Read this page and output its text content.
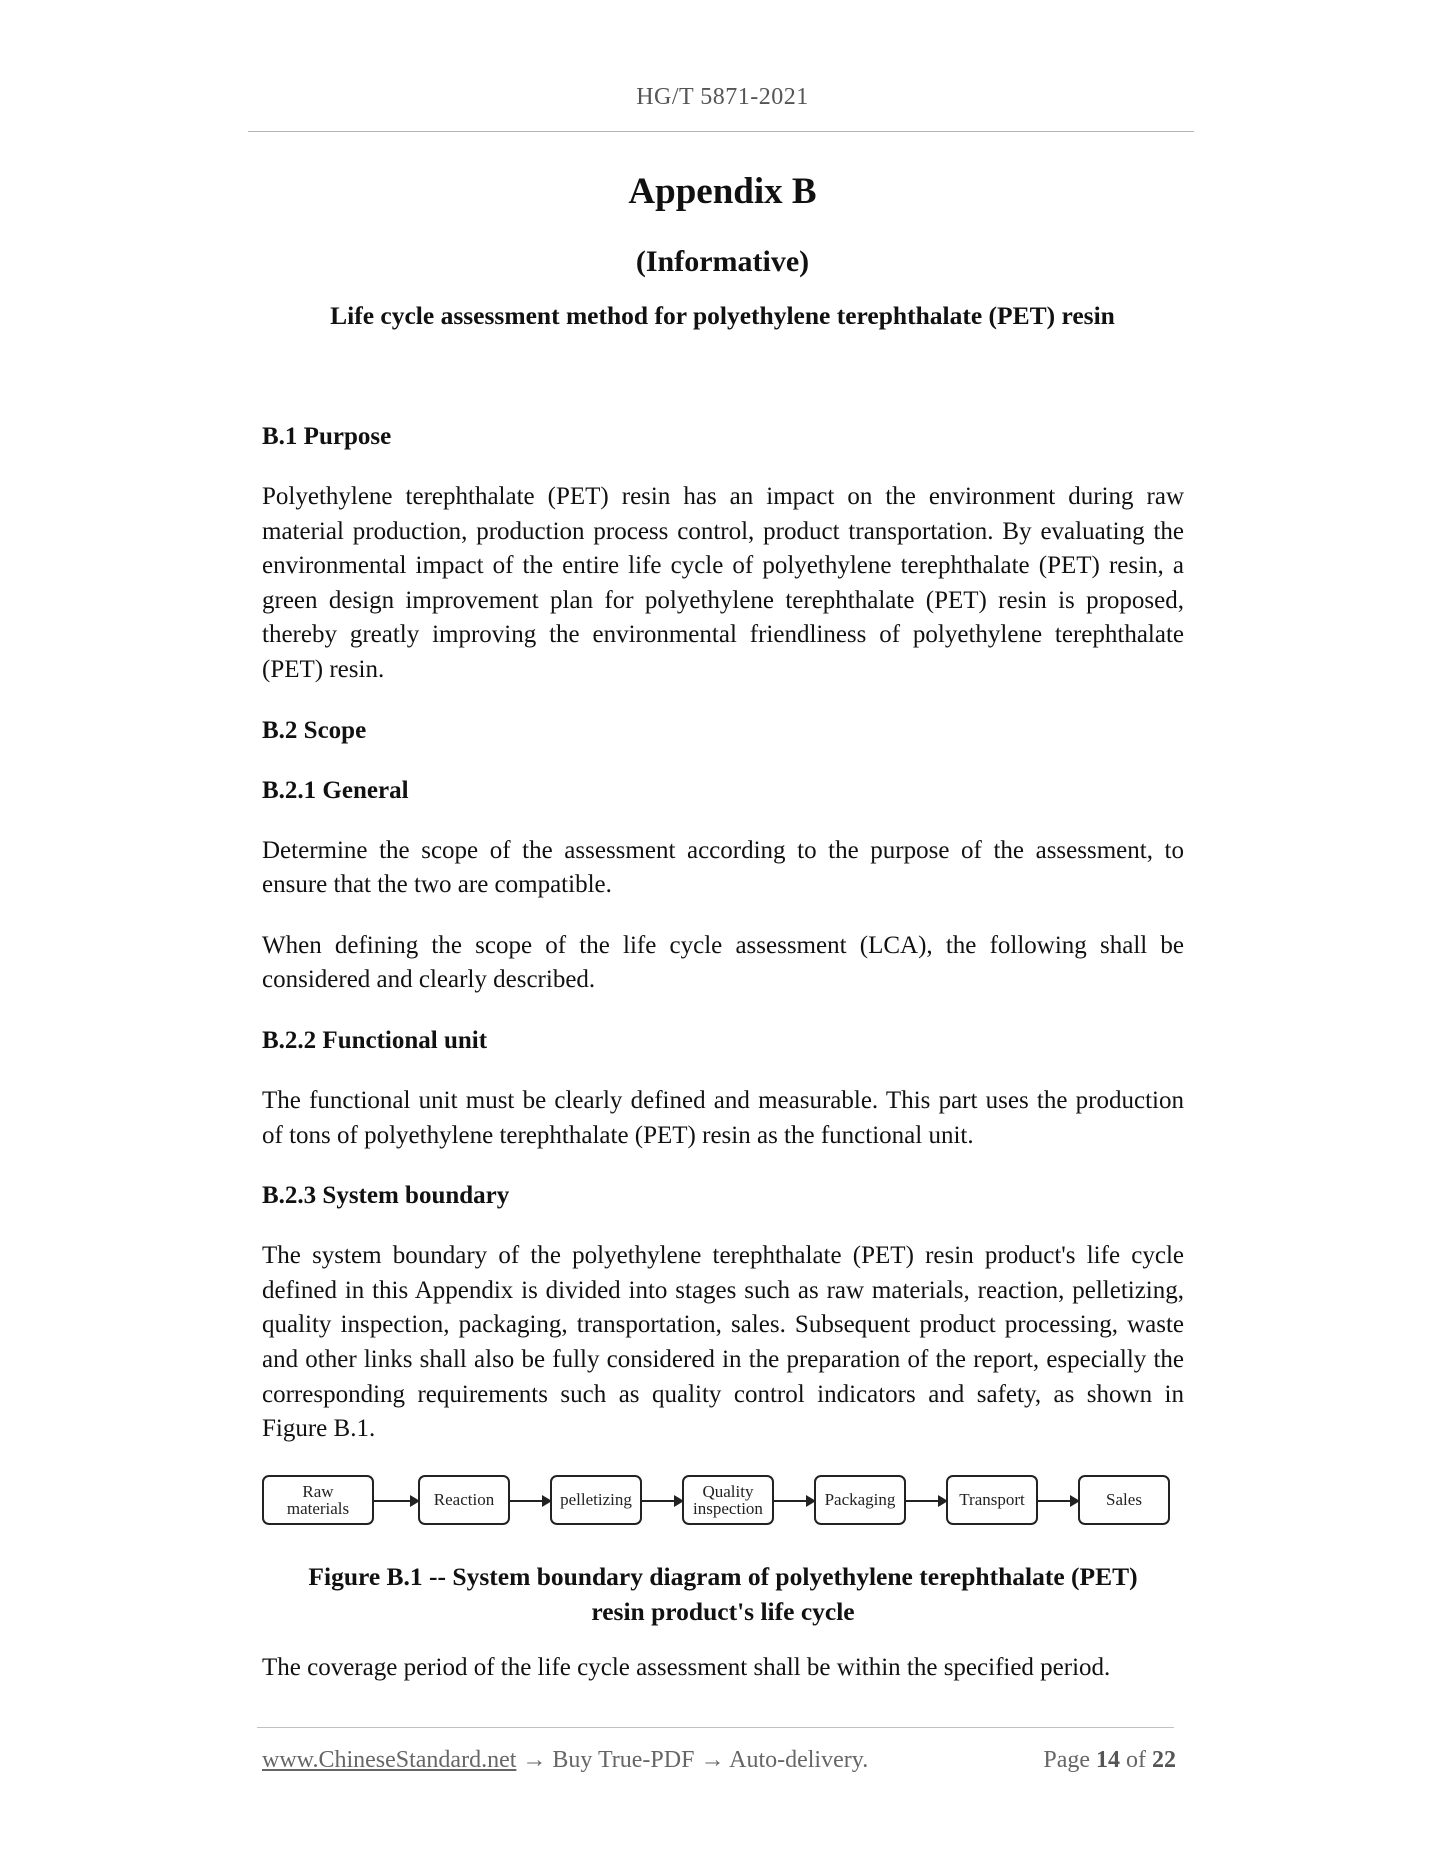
HG/T 5871-2021
Appendix B
(Informative)
Life cycle assessment method for polyethylene terephthalate (PET) resin
B.1 Purpose

Polyethylene terephthalate (PET) resin has an impact on the environment during raw material production, production process control, product transportation. By evaluating the environmental impact of the entire life cycle of polyethylene terephthalate (PET) resin, a green design improvement plan for polyethylene terephthalate (PET) resin is proposed, thereby greatly improving the environmental friendliness of polyethylene terephthalate (PET) resin.

B.2 Scope
B.2.1 General

Determine the scope of the assessment according to the purpose of the assessment, to ensure that the two are compatible.

When defining the scope of the life cycle assessment (LCA), the following shall be considered and clearly described.

B.2.2 Functional unit

The functional unit must be clearly defined and measurable. This part uses the production of tons of polyethylene terephthalate (PET) resin as the functional unit.

B.2.3 System boundary

The system boundary of the polyethylene terephthalate (PET) resin product's life cycle defined in this Appendix is divided into stages such as raw materials, reaction, pelletizing, quality inspection, packaging, transportation, sales. Subsequent product processing, waste and other links shall also be fully considered in the preparation of the report, especially the corresponding requirements such as quality control indicators and safety, as shown in Figure B.1.

Raw
materials	Reaction	pelletizing	Quality
inspection	Packaging	Transport	Sales
Figure B.1 -- System boundary diagram of polyethylene terephthalate (PET)
resin product's life cycle

The coverage period of the life cycle assessment shall be within the specified period.

www.ChineseStandard.net → Buy True-PDF → Auto-delivery.	Page 14 of 22
